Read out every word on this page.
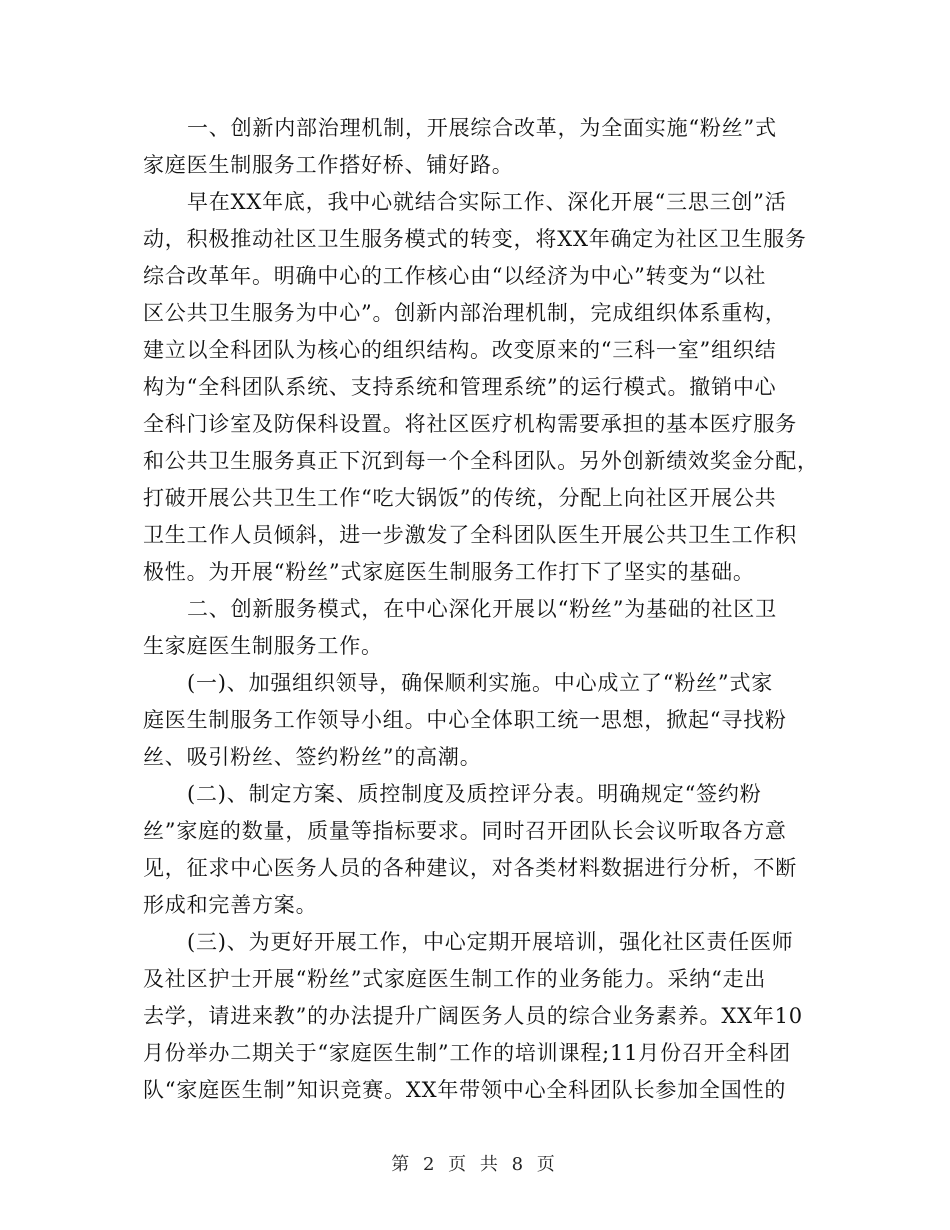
一、创新内部治理机制，开展综合改革，为全面实施“粉丝”式
家庭医生制服务工作搭好桥、铺好路。
早在XX年底，我中心就结合实际工作、深化开展“三思三创”活
动，积极推动社区卫生服务模式的转变，将XX年确定为社区卫生服务
综合改革年。明确中心的工作核心由“以经济为中心”转变为“以社
区公共卫生服务为中心”。创新内部治理机制，完成组织体系重构，
建立以全科团队为核心的组织结构。改变原来的“三科一室”组织结
构为“全科团队系统、支持系统和管理系统”的运行模式。撤销中心
全科门诊室及防保科设置。将社区医疗机构需要承担的基本医疗服务
和公共卫生服务真正下沉到每一个全科团队。另外创新绩效奖金分配，
打破开展公共卫生工作“吃大锅饭”的传统，分配上向社区开展公共
卫生工作人员倾斜，进一步激发了全科团队医生开展公共卫生工作积
极性。为开展“粉丝”式家庭医生制服务工作打下了坚实的基础。
二、创新服务模式，在中心深化开展以“粉丝”为基础的社区卫
生家庭医生制服务工作。
(一)、加强组织领导，确保顺利实施。中心成立了“粉丝”式家
庭医生制服务工作领导小组。中心全体职工统一思想，掀起“寻找粉
丝、吸引粉丝、签约粉丝”的高潮。
(二)、制定方案、质控制度及质控评分表。明确规定“签约粉
丝”家庭的数量，质量等指标要求。同时召开团队长会议听取各方意
见，征求中心医务人员的各种建议，对各类材料数据进行分析，不断
形成和完善方案。
(三)、为更好开展工作，中心定期开展培训，强化社区责任医师
及社区护士开展“粉丝”式家庭医生制工作的业务能力。采纳“走出
去学，请进来教”的办法提升广阔医务人员的综合业务素养。XX年10
月份举办二期关于“家庭医生制”工作的培训课程;11月份召开全科团
队“家庭医生制”知识竞赛。XX年带领中心全科团队长参加全国性的
第 2 页 共 8 页
